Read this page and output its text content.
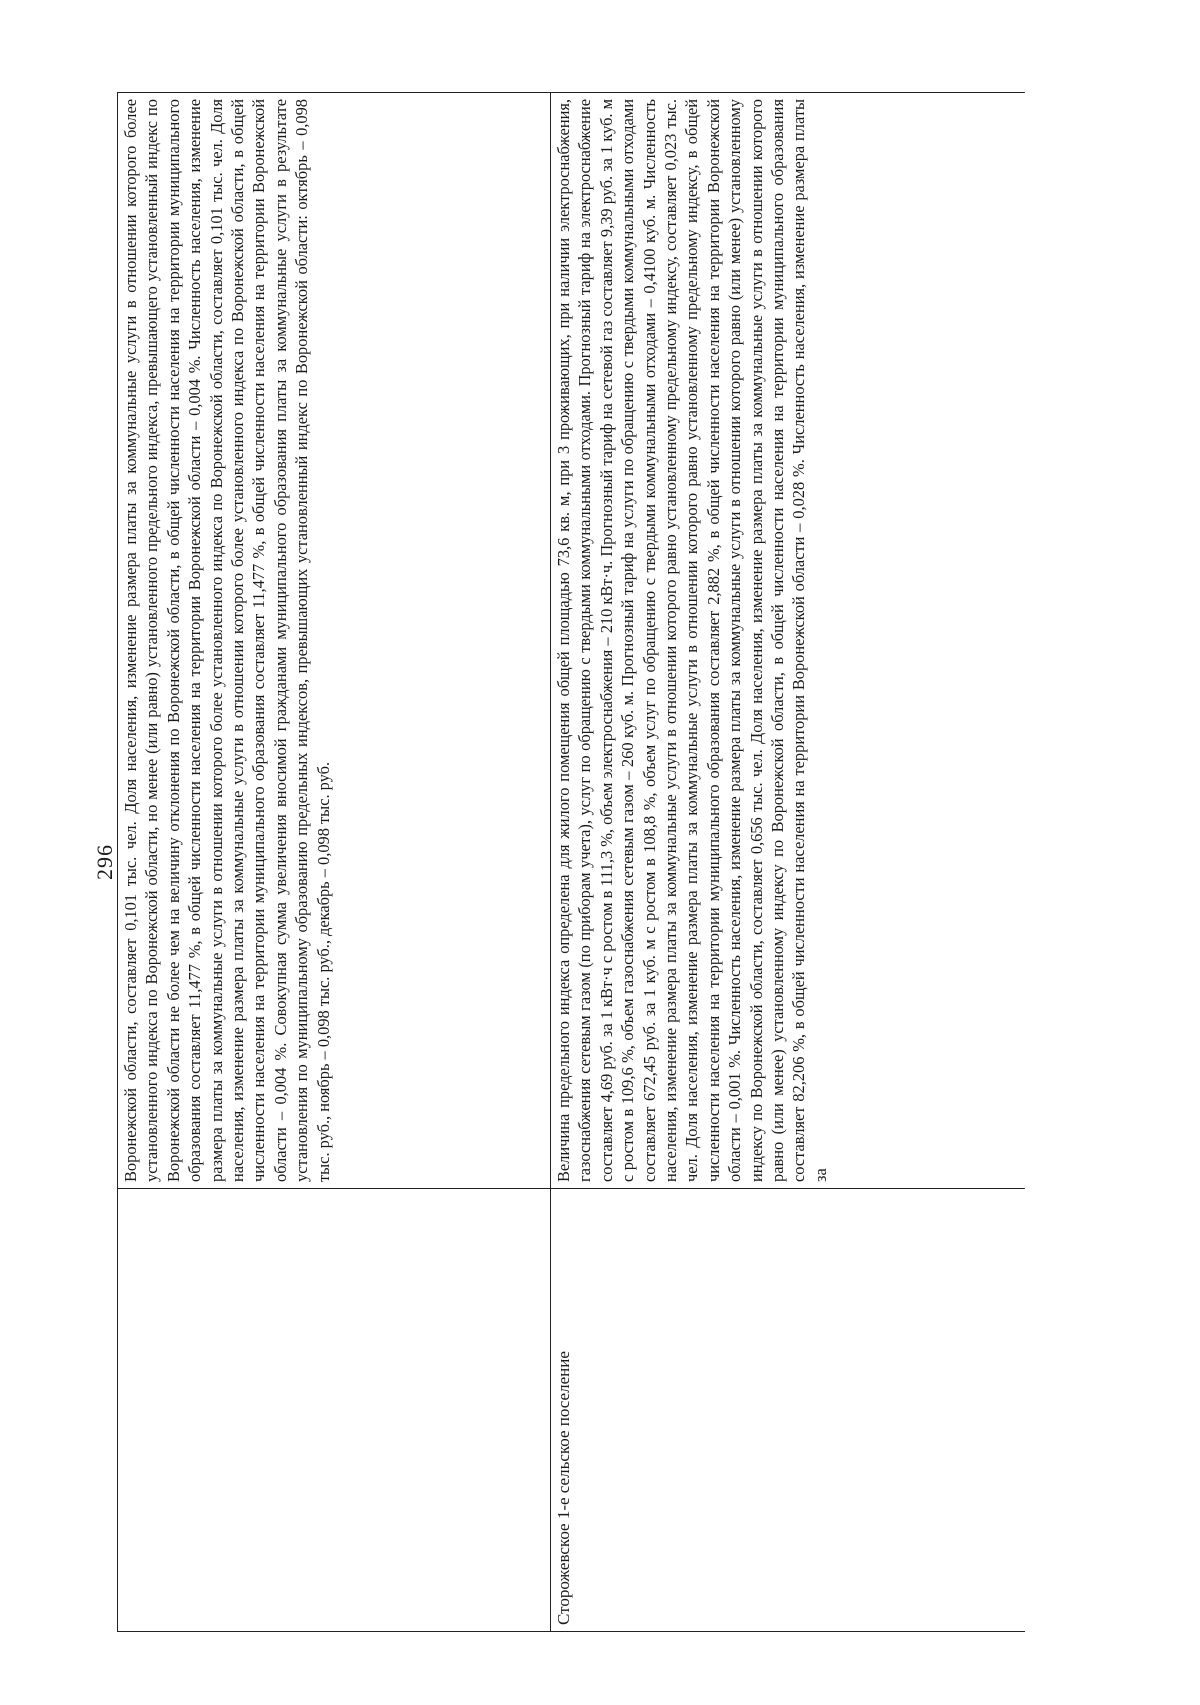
296
	Воронежской области, составляет 0,101 тыс. чел. Доля населения, изменение размера платы за коммунальные услуги в отношении которого более установленного индекса по Воронежской области, но менее (или равно) установленного предельного индекса, превышающего установленный индекс по Воронежской области не более чем на величину отклонения по Воронежской области, в общей численности населения на территории муниципального образования составляет 11,477 %, в общей численности населения на территории Воронежской области – 0,004 %. Численность населения, изменение размера платы за коммунальные услуги в отношении которого более установленного индекса по Воронежской области, составляет 0,101 тыс. чел. Доля населения, изменение размера платы за коммунальные услуги в отношении которого более установленного индекса по Воронежской области, в общей численности населения на территории муниципального образования составляет 11,477 %, в общей численности населения на территории Воронежской области – 0,004 %. Совокупная сумма увеличения вносимой гражданами муниципального образования платы за коммунальные услуги в результате установления по муниципальному образованию предельных индексов, превышающих установленный индекс по Воронежской области: октябрь – 0,098 тыс. руб., ноябрь – 0,098 тыс. руб., декабрь – 0,098 тыс. руб.
Сторожевское 1-е сельское поселение	Величина предельного индекса определена для жилого помещения общей площадью 73,6 кв. м, при 3 проживающих, при наличии электроснабжения, газоснабжения сетевым газом (по приборам учета), услуг по обращению с твердыми коммунальными отходами. Прогнозный тариф на электроснабжение составляет 4,69 руб. за 1 кВт·ч с ростом в 111,3 %, объем электроснабжения – 210 кВт·ч. Прогнозный тариф на сетевой газ составляет 9,39 руб. за 1 куб. м с ростом в 109,6 %, объем газоснабжения сетевым газом – 260 куб. м. Прогнозный тариф на услуги по обращению с твердыми коммунальными отходами составляет 672,45 руб. за 1 куб. м с ростом в 108,8 %, объем услуг по обращению с твердыми коммунальными отходами – 0,4100 куб. м. Численность населения, изменение размера платы за коммунальные услуги в отношении которого равно установленному предельному индексу, составляет 0,023 тыс. чел. Доля населения, изменение размера платы за коммунальные услуги в отношении которого равно установленному предельному индексу, в общей численности населения на территории муниципального образования составляет 2,882 %, в общей численности населения на территории Воронежской области – 0,001 %. Численность населения, изменение размера платы за коммунальные услуги в отношении которого равно (или менее) установленному индексу по Воронежской области, составляет 0,656 тыс. чел. Доля населения, изменение размера платы за коммунальные услуги в отношении которого равно (или менее) установленному индексу по Воронежской области, в общей численности населения на территории муниципального образования составляет 82,206 %, в общей численности населения на территории Воронежской области – 0,028 %. Численность населения, изменение размера платы за
